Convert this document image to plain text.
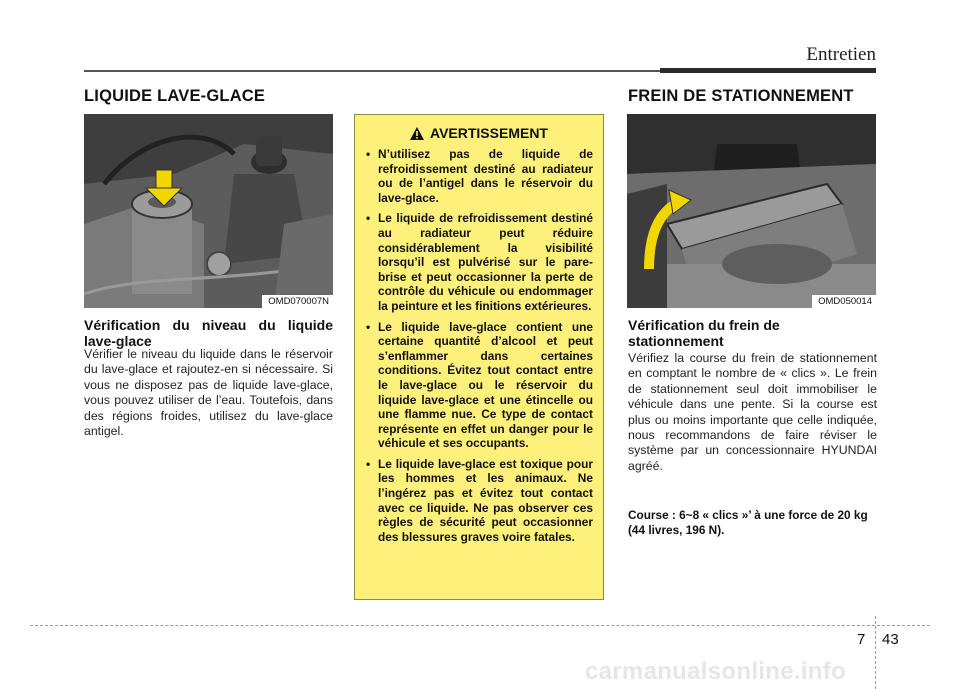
Entretien
LIQUIDE LAVE-GLACE
OMD070007N
Vérification du niveau du liquide
lave-glace
Vérifier le niveau du liquide dans le réservoir du lave-glace et rajoutez-en si nécessaire. Si vous ne disposez pas de liquide lave-glace, vous pouvez utiliser de l’eau. Toutefois, dans des régions froides, utilisez du lave-glace antigel.
AVERTISSEMENT
• N’utilisez pas de liquide de refroidissement destiné au radiateur ou de l’antigel dans le réservoir du lave-glace.
• Le liquide de refroidissement destiné au radiateur peut réduire considérablement la visibilité lorsqu’il est pulvérisé sur le pare-brise et peut occasionner la perte de contrôle du véhicule ou endommager la peinture et les finitions extérieures.
• Le liquide lave-glace contient une certaine quantité d’alcool et peut s’enflammer dans certaines conditions. Évitez tout contact entre le lave-glace ou le réservoir du liquide lave-glace et une étincelle ou une flamme nue. Ce type de contact représente en effet un danger pour le véhicule et ses occupants.
• Le liquide lave-glace est toxique pour les hommes et les animaux. Ne l’ingérez pas et évitez tout contact avec ce liquide. Ne pas observer ces règles de sécurité peut occasionner des blessures graves voire fatales.
FREIN DE STATIONNEMENT
OMD050014
Vérification du frein de
stationnement
Vérifiez la course du frein de stationnement en comptant le nombre de « clics ». Le frein de stationnement seul doit immobiliser le véhicule dans une pente. Si la course est plus ou moins importante que celle indiquée, nous recommandons de faire réviser le système par un concessionnaire HYUNDAI agréé.
Course : 6~8 « clics »’ à une force de 20 kg (44 livres, 196 N).
7 43
carmanualsonline.info
